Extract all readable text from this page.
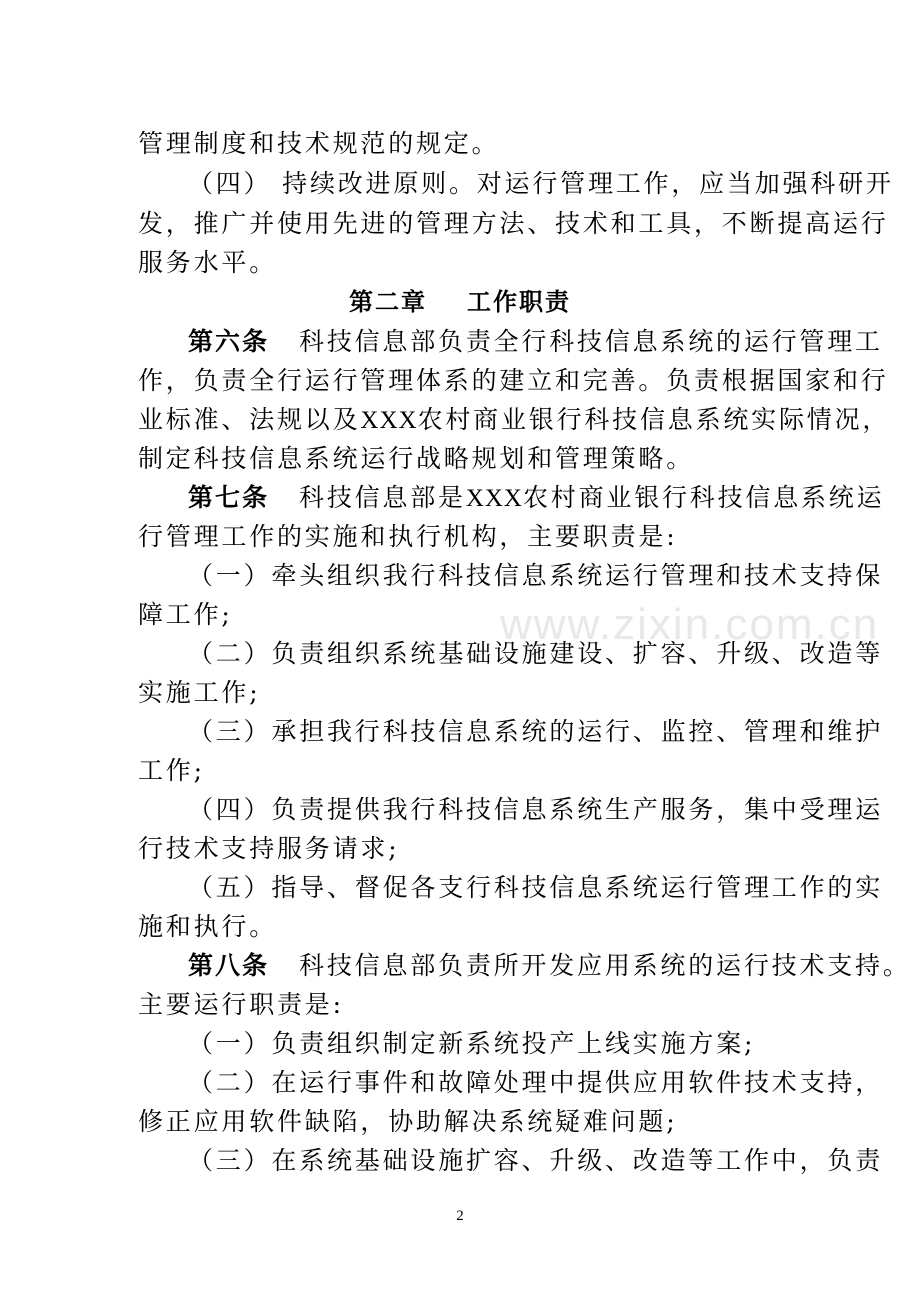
www.zixin.com.cn

管理制度和技术规范的规定。

（四） 持续改进原则。对运行管理工作，应当加强科研开

发，推广并使用先进的管理方法、技术和工具，不断提高运行

服务水平。

第二章 工作职责

第六条 科技信息部负责全行科技信息系统的运行管理工

作，负责全行运行管理体系的建立和完善。负责根据国家和行

业标准、法规以及XXX农村商业银行科技信息系统实际情况，

制定科技信息系统运行战略规划和管理策略。

第七条 科技信息部是XXX农村商业银行科技信息系统运

行管理工作的实施和执行机构，主要职责是:

（一）牵头组织我行科技信息系统运行管理和技术支持保

障工作;

（二）负责组织系统基础设施建设、扩容、升级、改造等

实施工作;

（三）承担我行科技信息系统的运行、监控、管理和维护

工作;

（四）负责提供我行科技信息系统生产服务，集中受理运

行技术支持服务请求;

（五）指导、督促各支行科技信息系统运行管理工作的实

施和执行。

第八条 科技信息部负责所开发应用系统的运行技术支持。

主要运行职责是:

（一）负责组织制定新系统投产上线实施方案;

（二）在运行事件和故障处理中提供应用软件技术支持，

修正应用软件缺陷，协助解决系统疑难问题;

（三）在系统基础设施扩容、升级、改造等工作中，负责

2
